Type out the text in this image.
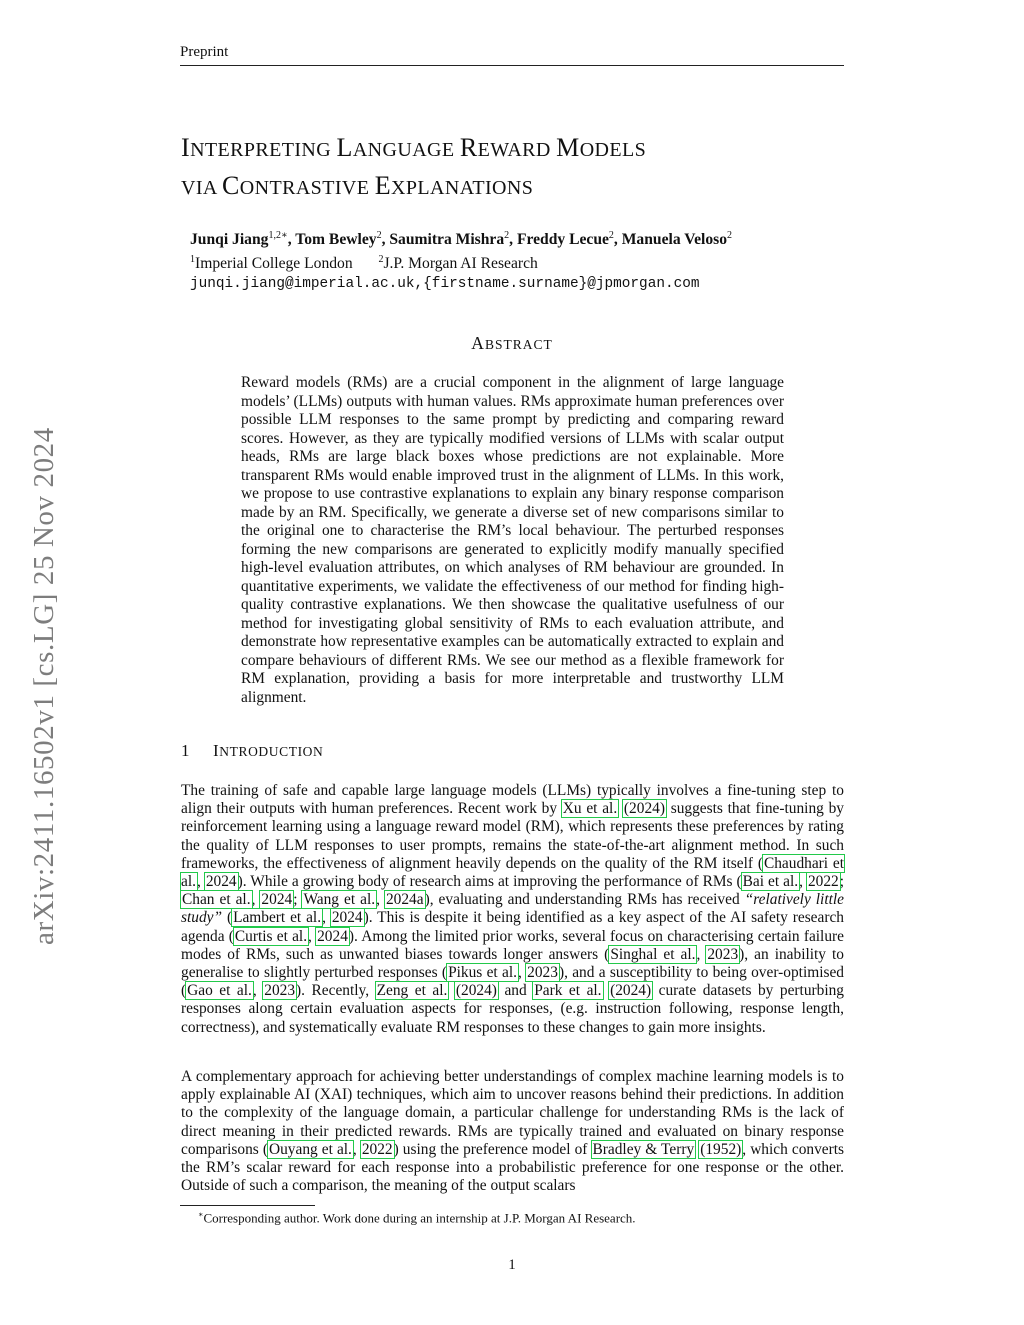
Preprint
arXiv:2411.16502v1 [cs.LG] 25 Nov 2024
INTERPRETING LANGUAGE REWARD MODELS
VIA CONTRASTIVE EXPLANATIONS
Junqi Jiang$^{1,2∗}$, Tom Bewley$^2$, Saumitra Mishra$^2$, Freddy Lecue$^2$, Manuela Veloso$^2$
$^1$Imperial College London	$^2$J.P. Morgan AI Research
junqi.jiang@imperial.ac.uk,{firstname.surname}@jpmorgan.com
ABSTRACT
Reward models (RMs) are a crucial component in the alignment of large language models’ (LLMs) outputs with human values. RMs approximate human preferences over possible LLM responses to the same prompt by predicting and comparing reward scores. However, as they are typically modified versions of LLMs with scalar output heads, RMs are large black boxes whose predictions are not explainable. More transparent RMs would enable improved trust in the alignment of LLMs. In this work, we propose to use contrastive explanations to explain any binary response comparison made by an RM. Specifically, we generate a diverse set of new comparisons similar to the original one to characterise the RM’s local behaviour. The perturbed responses forming the new comparisons are generated to explicitly modify manually specified high-level evaluation attributes, on which analyses of RM behaviour are grounded. In quantitative experiments, we validate the effectiveness of our method for finding high-quality contrastive explanations. We then showcase the qualitative usefulness of our method for investigating global sensitivity of RMs to each evaluation attribute, and demonstrate how representative examples can be automatically extracted to explain and compare behaviours of different RMs. We see our method as a flexible framework for RM explanation, providing a basis for more interpretable and trustworthy LLM alignment.
1 INTRODUCTION
The training of safe and capable large language models (LLMs) typically involves a fine-tuning step to align their outputs with human preferences. Recent work by Xu et al. (2024) suggests that fine-tuning by reinforcement learning using a language reward model (RM), which represents these preferences by rating the quality of LLM responses to user prompts, remains the state-of-the-art alignment method. In such frameworks, the effectiveness of alignment heavily depends on the quality of the RM itself (Chaudhari et al., 2024). While a growing body of research aims at improving the performance of RMs (Bai et al., 2022; Chan et al., 2024; Wang et al., 2024a), evaluating and understanding RMs has received “relatively little study” (Lambert et al., 2024). This is despite it being identified as a key aspect of the AI safety research agenda (Curtis et al., 2024). Among the limited prior works, several focus on characterising certain failure modes of RMs, such as unwanted biases towards longer answers (Singhal et al., 2023), an inability to generalise to slightly perturbed responses (Pikus et al., 2023), and a susceptibility to being over-optimised (Gao et al., 2023). Recently, Zeng et al. (2024) and Park et al. (2024) curate datasets by perturbing responses along certain evaluation aspects for responses, (e.g. instruction following, response length, correctness), and systematically evaluate RM responses to these changes to gain more insights.
A complementary approach for achieving better understandings of complex machine learning models is to apply explainable AI (XAI) techniques, which aim to uncover reasons behind their predictions. In addition to the complexity of the language domain, a particular challenge for understanding RMs is the lack of direct meaning in their predicted rewards. RMs are typically trained and evaluated on binary response comparisons (Ouyang et al., 2022) using the preference model of Bradley & Terry (1952), which converts the RM’s scalar reward for each response into a probabilistic preference for one response or the other. Outside of such a comparison, the meaning of the output scalars
∗Corresponding author. Work done during an internship at J.P. Morgan AI Research.
1
